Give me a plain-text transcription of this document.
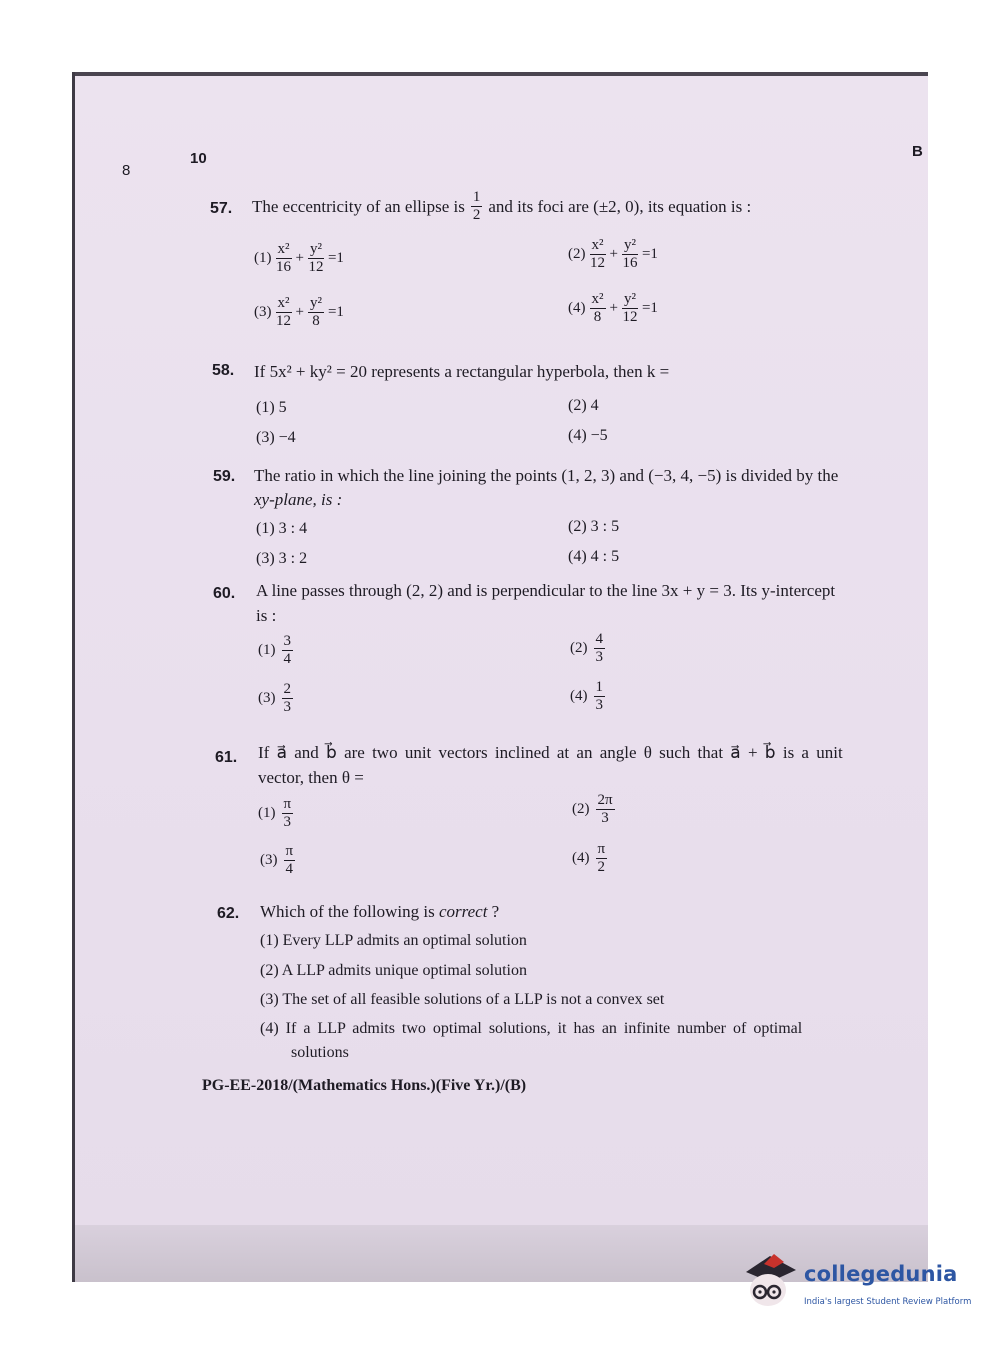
8
10	B
57. The eccentricity of an ellipse is $\frac{1}{2}$ and its foci are (±2, 0), its equation is :
$(1) \frac{\text{x²}}{16} + \frac{\text{y²}}{12} =1$	$(2) \frac{\text{x²}}{12} + \frac{\text{y²}}{16} =1$
$(3) \frac{\text{x²}}{12} + \frac{\text{y²}}{8} =1$	$(4) \frac{\text{x²}}{8} + \frac{\text{y²}}{12} =1$
58. If 5x² + ky² = 20 represents a rectangular hyperbola, then k =
(1) 5	(2) 4
(3) −4	(4) −5
59. The ratio in which the line joining the points (1, 2, 3) and (−3, 4, −5) is divided by the
xy-plane, is :
(1) 3 : 4	(2) 3 : 5
(3) 3 : 2	(4) 4 : 5
60. A line passes through (2, 2) and is perpendicular to the line 3x + y = 3. Its y-intercept
is :
$(1) \frac{3}{4}$	$(2) \frac{4}{3}$
$(3) \frac{2}{3}$	$(4) \frac{1}{3}$
61. If a⃗ and b⃗ are two unit vectors inclined at an angle θ such that a⃗ + b⃗ is a unit
vector, then θ =
$(1) \frac{\pi}{3}$	$(2) \frac{2\pi}{3}$
$(3) \frac{\pi}{4}$	$(4) \frac{\pi}{2}$
62. Which of the following is correct ?
(1) Every LLP admits an optimal solution
(2) A LLP admits unique optimal solution
(3) The set of all feasible solutions of a LLP is not a convex set
(4) If a LLP admits two optimal solutions, it has an infinite number of optimal
solutions
PG-EE-2018/(Mathematics Hons.)(Five Yr.)/(B)
collegedunia
India's largest Student Review Platform
